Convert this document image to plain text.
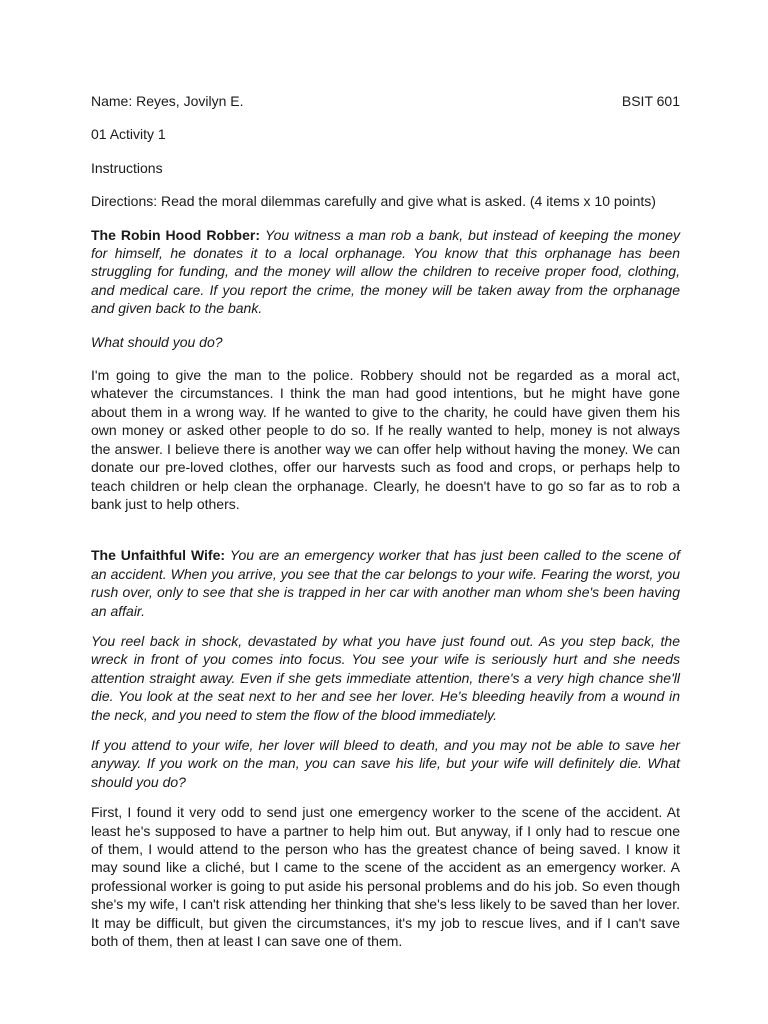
Name: Reyes, Jovilyn E.	BSIT 601

01 Activity 1

Instructions

Directions: Read the moral dilemmas carefully and give what is asked. (4 items x 10 points)

The Robin Hood Robber: You witness a man rob a bank, but instead of keeping the money for himself, he donates it to a local orphanage. You know that this orphanage has been struggling for funding, and the money will allow the children to receive proper food, clothing, and medical care. If you report the crime, the money will be taken away from the orphanage and given back to the bank.

What should you do?

I'm going to give the man to the police. Robbery should not be regarded as a moral act, whatever the circumstances. I think the man had good intentions, but he might have gone about them in a wrong way. If he wanted to give to the charity, he could have given them his own money or asked other people to do so. If he really wanted to help, money is not always the answer. I believe there is another way we can offer help without having the money. We can donate our pre-loved clothes, offer our harvests such as food and crops, or perhaps help to teach children or help clean the orphanage. Clearly, he doesn't have to go so far as to rob a bank just to help others.

The Unfaithful Wife: You are an emergency worker that has just been called to the scene of an accident. When you arrive, you see that the car belongs to your wife. Fearing the worst, you rush over, only to see that she is trapped in her car with another man whom she's been having an affair.

You reel back in shock, devastated by what you have just found out. As you step back, the wreck in front of you comes into focus. You see your wife is seriously hurt and she needs attention straight away. Even if she gets immediate attention, there's a very high chance she'll die. You look at the seat next to her and see her lover. He's bleeding heavily from a wound in the neck, and you need to stem the flow of the blood immediately.

If you attend to your wife, her lover will bleed to death, and you may not be able to save her anyway. If you work on the man, you can save his life, but your wife will definitely die. What should you do?

First, I found it very odd to send just one emergency worker to the scene of the accident. At least he's supposed to have a partner to help him out. But anyway, if I only had to rescue one of them, I would attend to the person who has the greatest chance of being saved. I know it may sound like a cliché, but I came to the scene of the accident as an emergency worker. A professional worker is going to put aside his personal problems and do his job. So even though she's my wife, I can't risk attending her thinking that she's less likely to be saved than her lover. It may be difficult, but given the circumstances, it's my job to rescue lives, and if I can't save both of them, then at least I can save one of them.
